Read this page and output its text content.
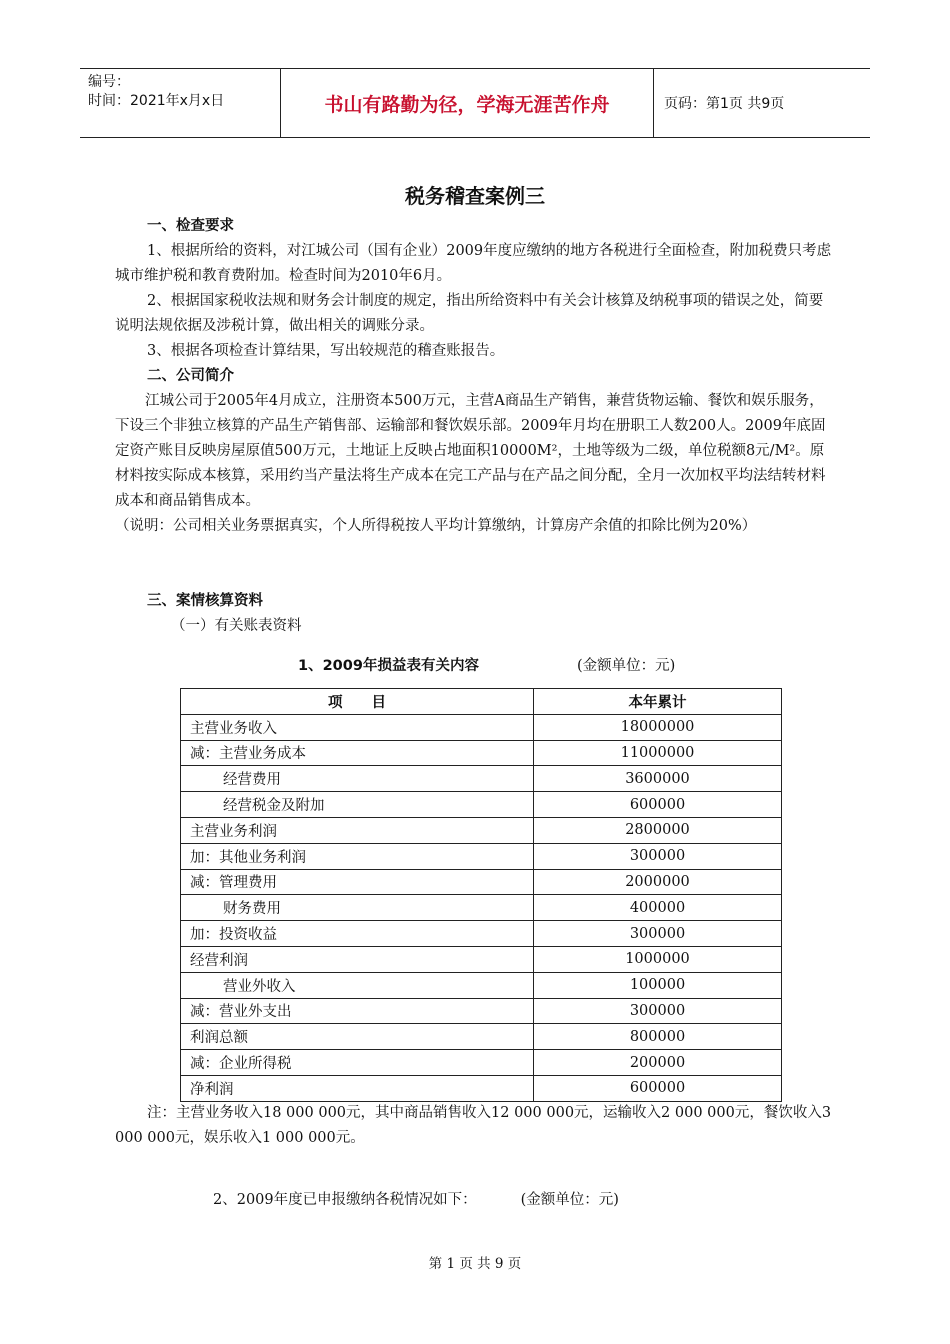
编号：
时间：2021年x月x日	书山有路勤为径，学海无涯苦作舟	页码：第1页 共9页
税务稽查案例三
一、检查要求
1、根据所给的资料，对江城公司（国有企业）2009年度应缴纳的地方各税进行全面检查，附加税费只考虑城市维护税和教育费附加。检查时间为2010年6月。
2、根据国家税收法规和财务会计制度的规定，指出所给资料中有关会计核算及纳税事项的错误之处，简要说明法规依据及涉税计算，做出相关的调账分录。
3、根据各项检查计算结果，写出较规范的稽查账报告。
二、公司简介
江城公司于2005年4月成立，注册资本500万元，主营A商品生产销售，兼营货物运输、餐饮和娱乐服务，下设三个非独立核算的产品生产销售部、运输部和餐饮娱乐部。2009年月均在册职工人数200人。2009年底固定资产账目反映房屋原值500万元，土地证上反映占地面积10000M²，土地等级为二级，单位税额8元/M²。原材料按实际成本核算，采用约当产量法将生产成本在完工产品与在产品之间分配，全月一次加权平均法结转材料成本和商品销售成本。
（说明：公司相关业务票据真实，个人所得税按人平均计算缴纳，计算房产余值的扣除比例为20%）
三、案情核算资料
（一）有关账表资料
1、2009年损益表有关内容	(金额单位：元)
项　　目	本年累计
主营业务收入	18000000
减：主营业务成本	11000000
经营费用	3600000
经营税金及附加	600000
主营业务利润	2800000
加：其他业务利润	300000
减：管理费用	2000000
财务费用	400000
加：投资收益	300000
经营利润	1000000
营业外收入	100000
减：营业外支出	300000
利润总额	800000
减：企业所得税	200000
净利润	600000
注：主营业务收入18 000 000元，其中商品销售收入12 000 000元，运输收入2 000 000元，餐饮收入3 000 000元，娱乐收入1 000 000元。
2、2009年度已申报缴纳各税情况如下：	(金额单位：元)
第 1 页 共 9 页
